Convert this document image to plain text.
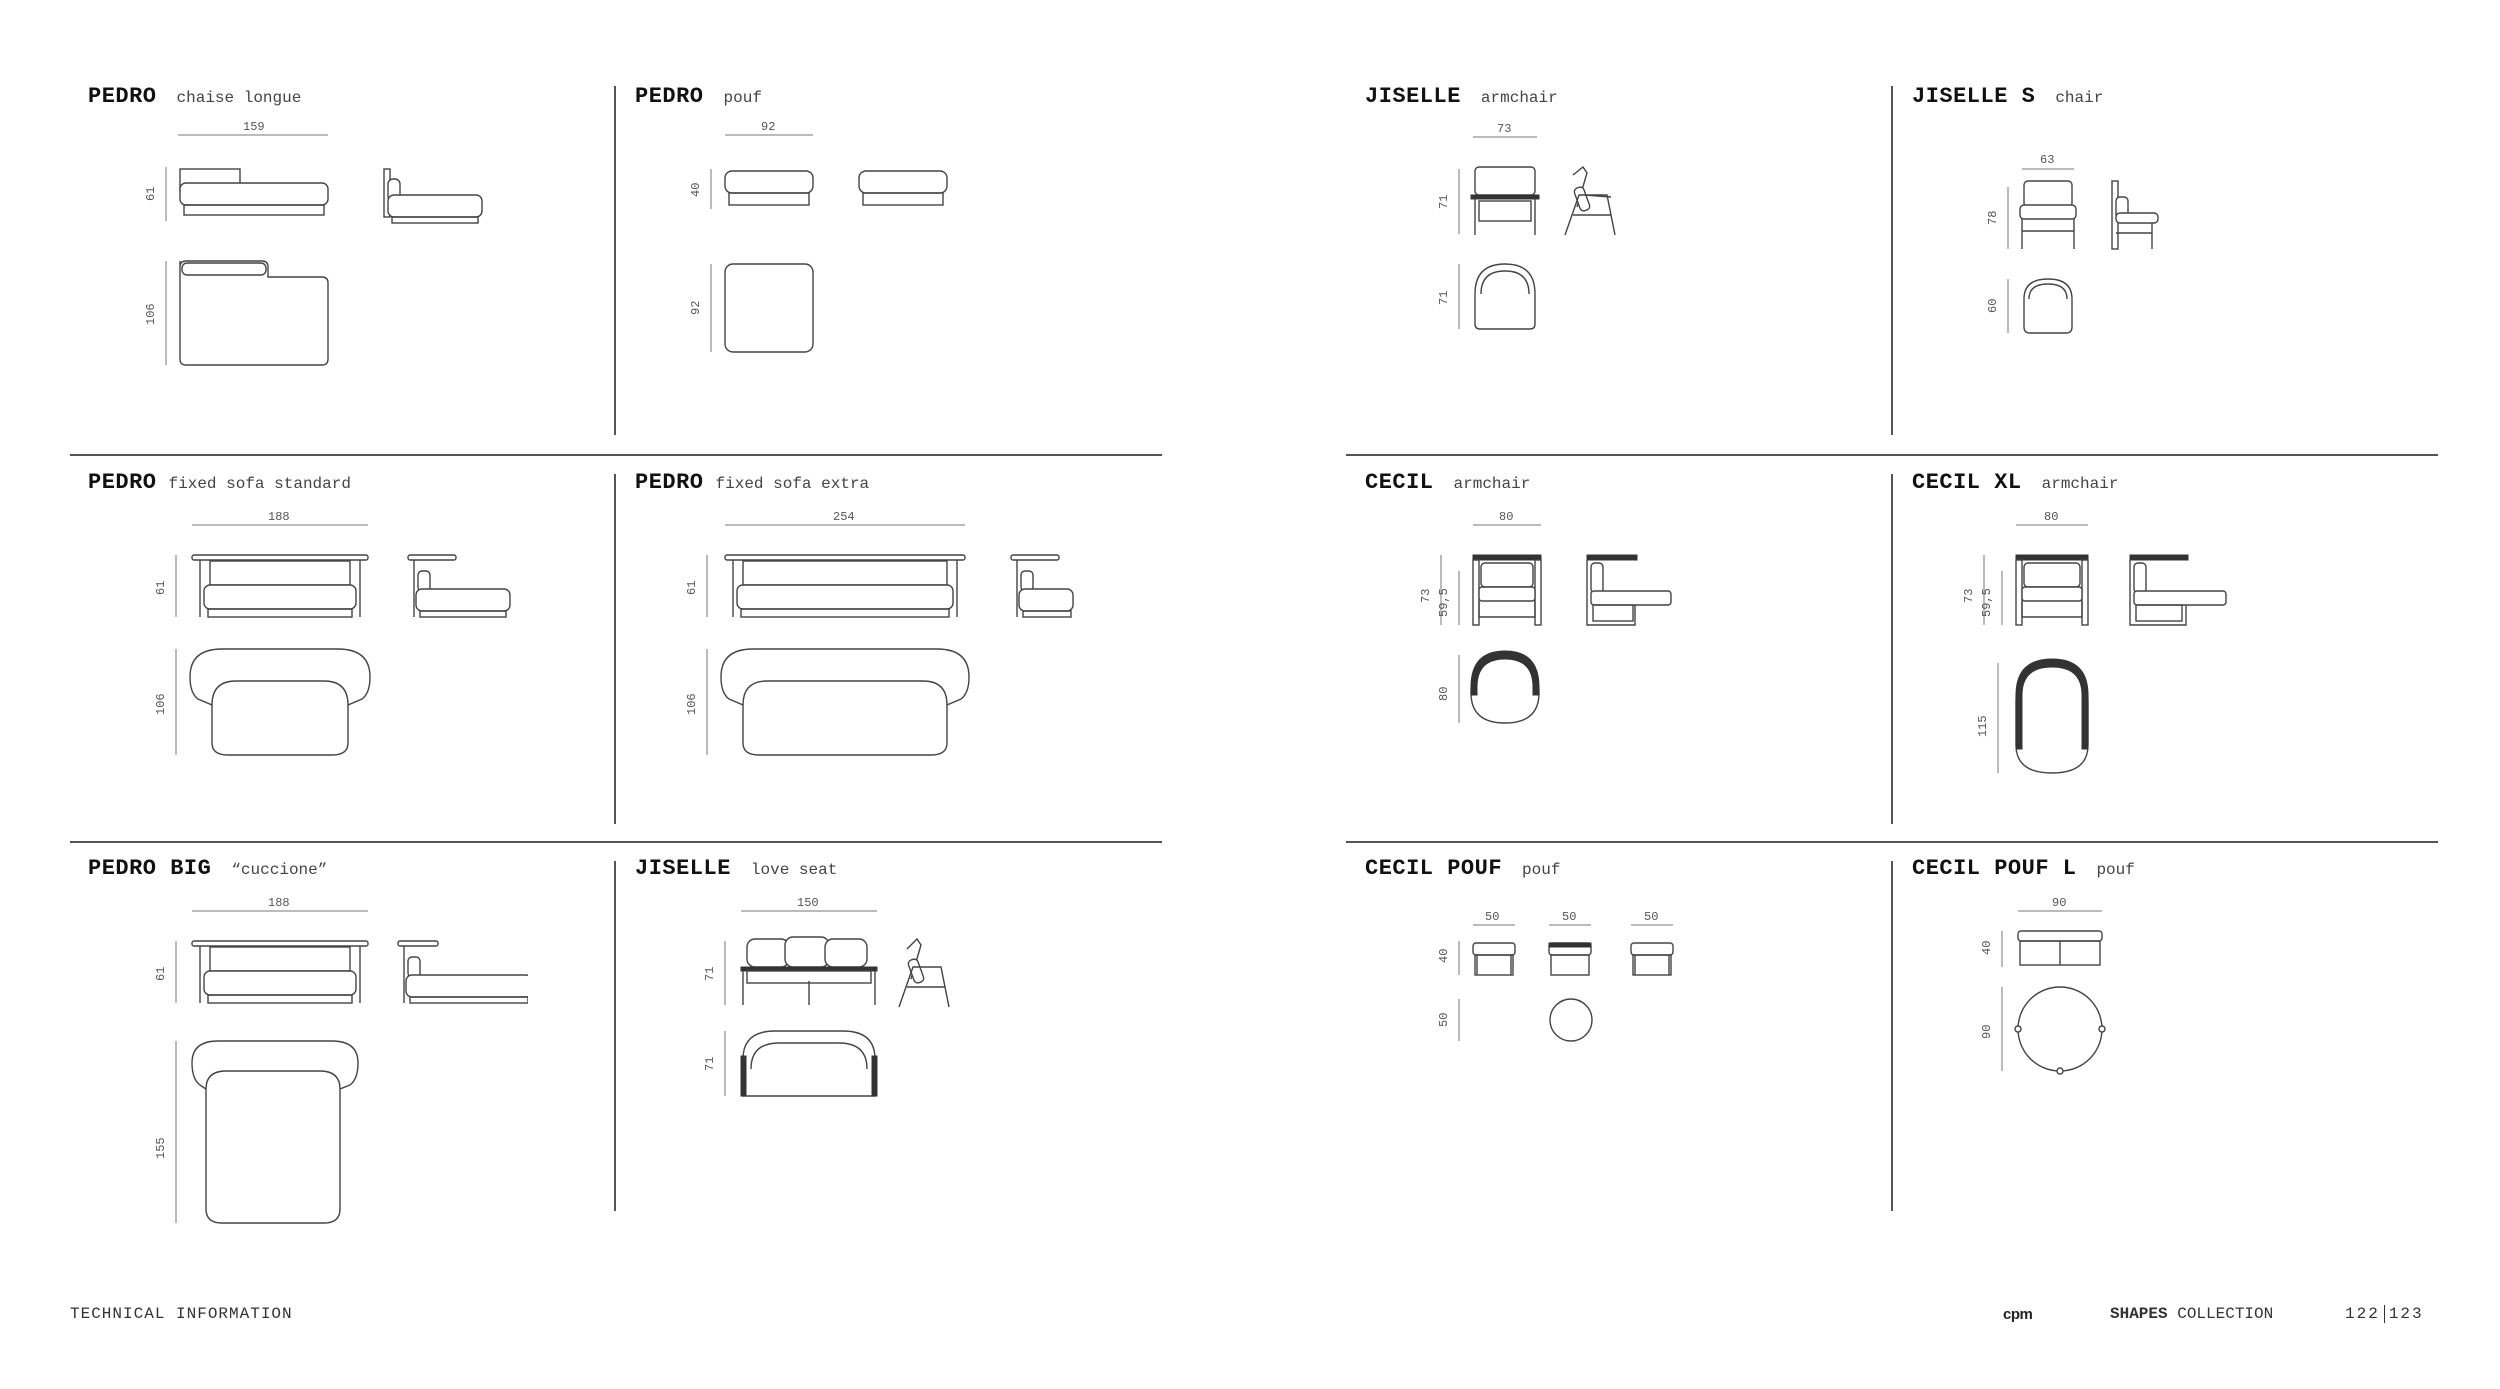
PEDRO chaise longue
159
61
106
PEDRO pouf
92
40
92
JISELLE armchair
73
71
71
JISELLE S chair
63
78
60
PEDRO fixed sofa standard
188
61
106
PEDRO fixed sofa extra
254
61
106
CECIL armchair
80
73 59,5
80
CECIL XL armchair
80
73 59,5
115
PEDRO BIG “cuccione”
188
61
155
JISELLE love seat
150
71
71
CECIL POUF pouf
50	50	50
40
50
CECIL POUF L pouf
90
40
90
TECHNICAL INFORMATION	cpm	SHAPES COLLECTION	122 123
